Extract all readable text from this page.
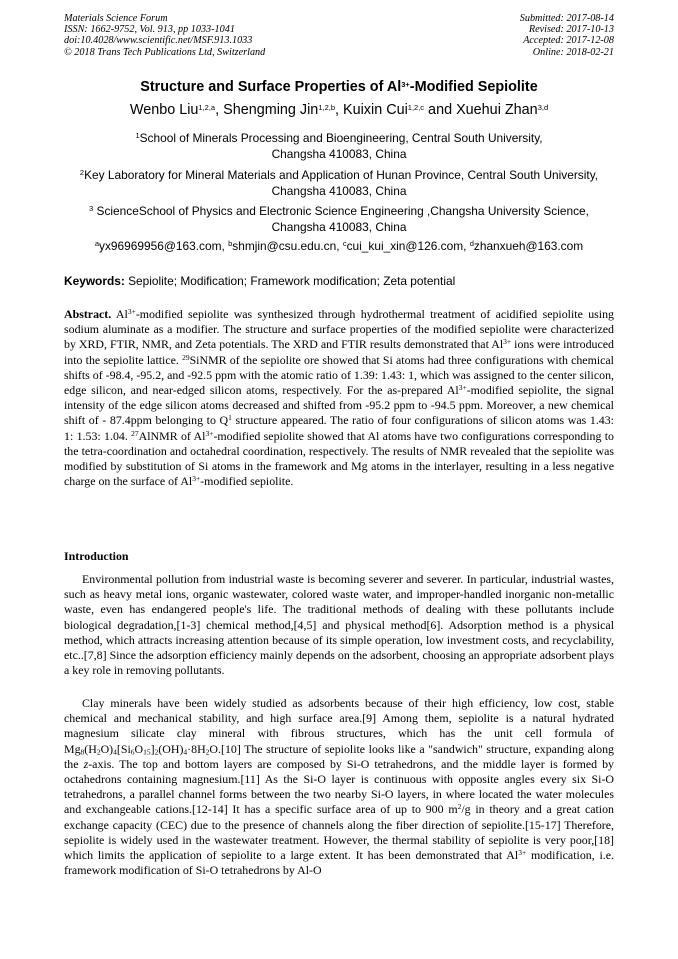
Materials Science Forum
ISSN: 1662-9752, Vol. 913, pp 1033-1041
doi:10.4028/www.scientific.net/MSF.913.1033
© 2018 Trans Tech Publications Ltd, Switzerland
Submitted: 2017-08-14
Revised: 2017-10-13
Accepted: 2017-12-08
Online: 2018-02-21
Structure and Surface Properties of $Al^{3+}$-Modified Sepiolite
Wenbo Liu$^{1,2,a}$, Shengming Jin$^{1,2,b}$, Kuixin Cui$^{1,2,c}$ and Xuehui Zhan$^{3,d}$
$^1$School of Minerals Processing and Bioengineering, Central South University,
Changsha 410083, China
$^2$Key Laboratory for Mineral Materials and Application of Hunan Province, Central South University,
Changsha 410083, China
$^3$ ScienceSchool of Physics and Electronic Science Engineering ,Changsha University Science,
Changsha 410083, China
$^a$yx96969956@163.com, $^b$shmjin@csu.edu.cn, $^c$cui_kui_xin@126.com, $^d$zhanxueh@163.com
Keywords: Sepiolite; Modification; Framework modification; Zeta potential
Abstract. $Al^{3+}$-modified sepiolite was synthesized through hydrothermal treatment of acidified sepiolite using sodium aluminate as a modifier. The structure and surface properties of the modified sepiolite were characterized by XRD, FTIR, NMR, and Zeta potentials. The XRD and FTIR results demonstrated that $Al^{3+}$ ions were introduced into the sepiolite lattice. $^{29}$SiNMR of the sepiolite ore showed that Si atoms had three configurations with chemical shifts of -98.4, -95.2, and -92.5 ppm with the atomic ratio of 1.39: 1.43: 1, which was assigned to the center silicon, edge silicon, and near-edged silicon atoms, respectively. For the as-prepared $Al^{3+}$-modified sepiolite, the signal intensity of the edge silicon atoms decreased and shifted from -95.2 ppm to -94.5 ppm. Moreover, a new chemical shift of - 87.4ppm belonging to $Q^1$ structure appeared. The ratio of four configurations of silicon atoms was 1.43: 1: 1.53: 1.04. $^{27}$AlNMR of $Al^{3+}$-modified sepiolite showed that Al atoms have two configurations corresponding to the tetra-coordination and octahedral coordination, respectively. The results of NMR revealed that the sepiolite was modified by substitution of Si atoms in the framework and Mg atoms in the interlayer, resulting in a less negative charge on the surface of $Al^{3+}$-modified sepiolite.
Introduction
Environmental pollution from industrial waste is becoming severer and severer. In particular, industrial wastes, such as heavy metal ions, organic wastewater, colored waste water, and improper-handled inorganic non-metallic waste, even has endangered people's life. The traditional methods of dealing with these pollutants include biological degradation,[1-3] chemical method,[4,5] and physical method[6]. Adsorption method is a physical method, which attracts increasing attention because of its simple operation, low investment costs, and recyclability, etc..[7,8] Since the adsorption efficiency mainly depends on the adsorbent, choosing an appropriate adsorbent plays a key role in removing pollutants.
Clay minerals have been widely studied as adsorbents because of their high efficiency, low cost, stable chemical and mechanical stability, and high surface area.[9] Among them, sepiolite is a natural hydrated magnesium silicate clay mineral with fibrous structures, which has the unit cell formula of $Mg_8(H_2O)_4[Si_6O_{15}]_2(OH)_4\cdot 8H_2O.[10]$ The structure of sepiolite looks like a "sandwich" structure, expanding along the z-axis. The top and bottom layers are composed by Si-O tetrahedrons, and the middle layer is formed by octahedrons containing magnesium.[11] As the Si-O layer is continuous with opposite angles every six Si-O tetrahedrons, a parallel channel forms between the two nearby Si-O layers, in where located the water molecules and exchangeable cations.[12-14] It has a specific surface area of up to 900 $m^2/g$ in theory and a great cation exchange capacity (CEC) due to the presence of channels along the fiber direction of sepiolite.[15-17] Therefore, sepiolite is widely used in the wastewater treatment. However, the thermal stability of sepiolite is very poor,[18] which limits the application of sepiolite to a large extent. It has been demonstrated that $Al^{3+}$ modification, i.e. framework modification of Si-O tetrahedrons by Al-O
